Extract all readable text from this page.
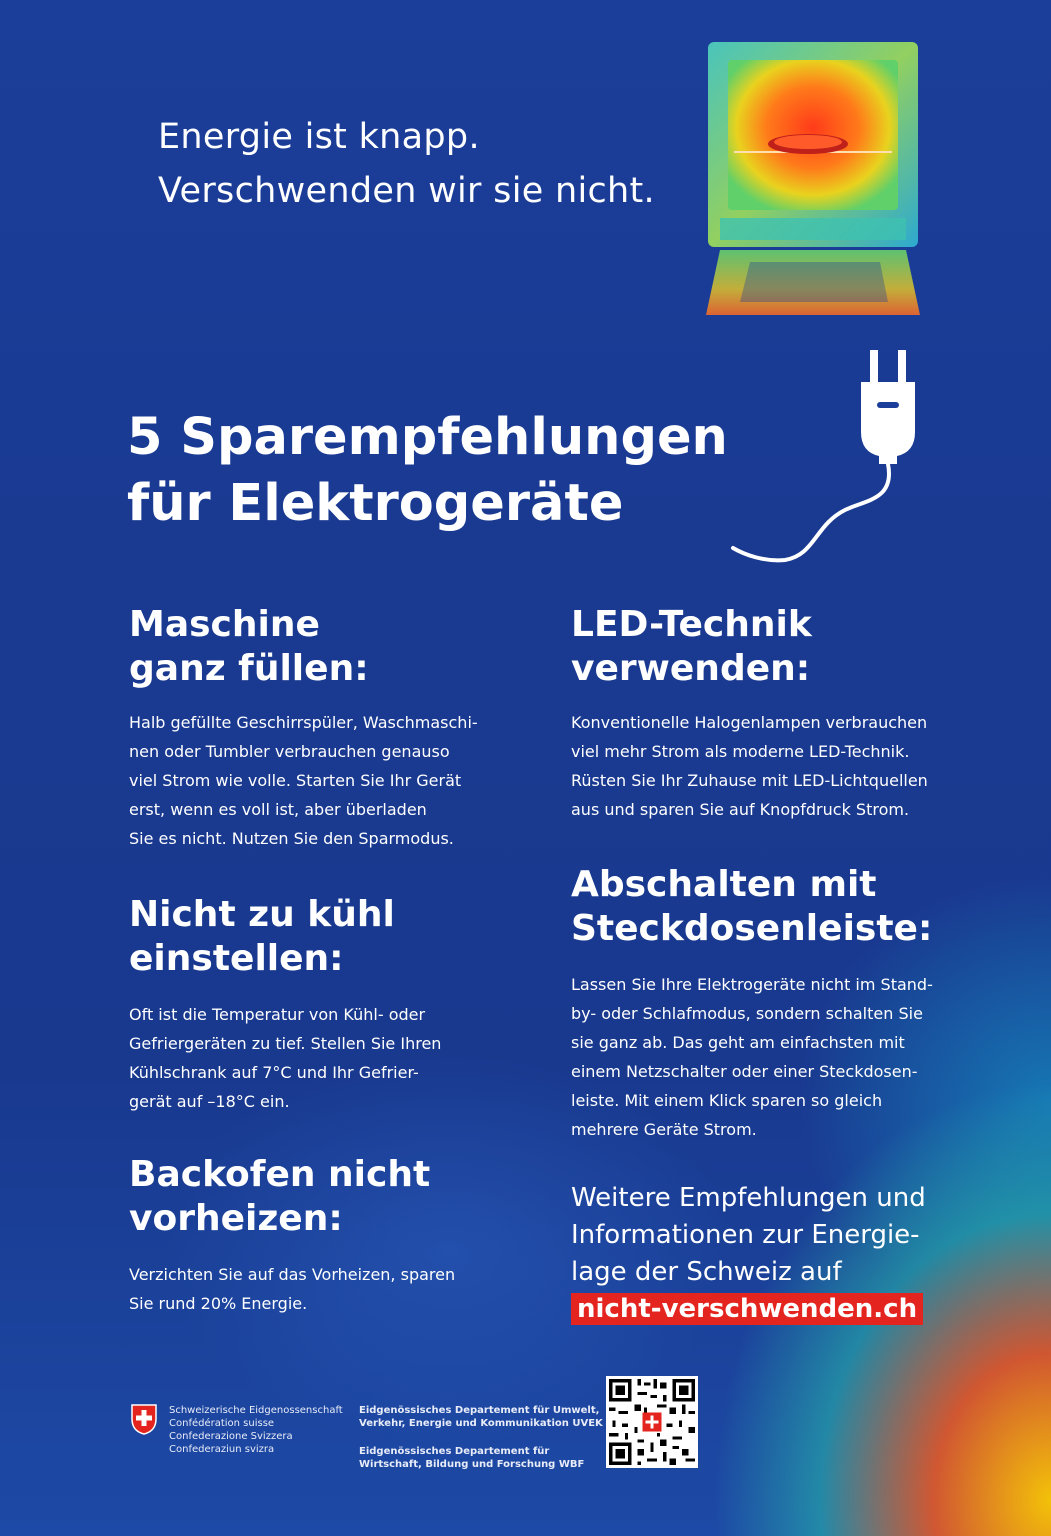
Energie ist knapp.
Verschwenden wir sie nicht.
5 Sparempfehlungen
für Elektrogeräte
Maschine
ganz füllen:
Halb gefüllte Geschirrspüler, Waschmaschi-
nen oder Tumbler verbrauchen genauso
viel Strom wie volle. Starten Sie Ihr Gerät
erst, wenn es voll ist, aber überladen
Sie es nicht. Nutzen Sie den Sparmodus.
Nicht zu kühl
einstellen:
Oft ist die Temperatur von Kühl- oder
Gefriergeräten zu tief. Stellen Sie Ihren
Kühlschrank auf 7°C und Ihr Gefrier-
gerät auf –18°C ein.
Backofen nicht
vorheizen:
Verzichten Sie auf das Vorheizen, sparen
Sie rund 20% Energie.
LED-Technik
verwenden:
Konventionelle Halogenlampen verbrauchen
viel mehr Strom als moderne LED-Technik.
Rüsten Sie Ihr Zuhause mit LED-Lichtquellen
aus und sparen Sie auf Knopfdruck Strom.
Abschalten mit
Steckdosenleiste:
Lassen Sie Ihre Elektrogeräte nicht im Stand-
by- oder Schlafmodus, sondern schalten Sie
sie ganz ab. Das geht am einfachsten mit
einem Netzschalter oder einer Steckdosen-
leiste. Mit einem Klick sparen so gleich
mehrere Geräte Strom.
Weitere Empfehlungen und
Informationen zur Energie-
lage der Schweiz auf
nicht-verschwenden.ch
Schweizerische Eidgenossenschaft
Confédération suisse
Confederazione Svizzera
Confederaziun svizra
Eidgenössisches Departement für Umwelt,
Verkehr, Energie und Kommunikation UVEK
Eidgenössisches Departement für
Wirtschaft, Bildung und Forschung WBF
